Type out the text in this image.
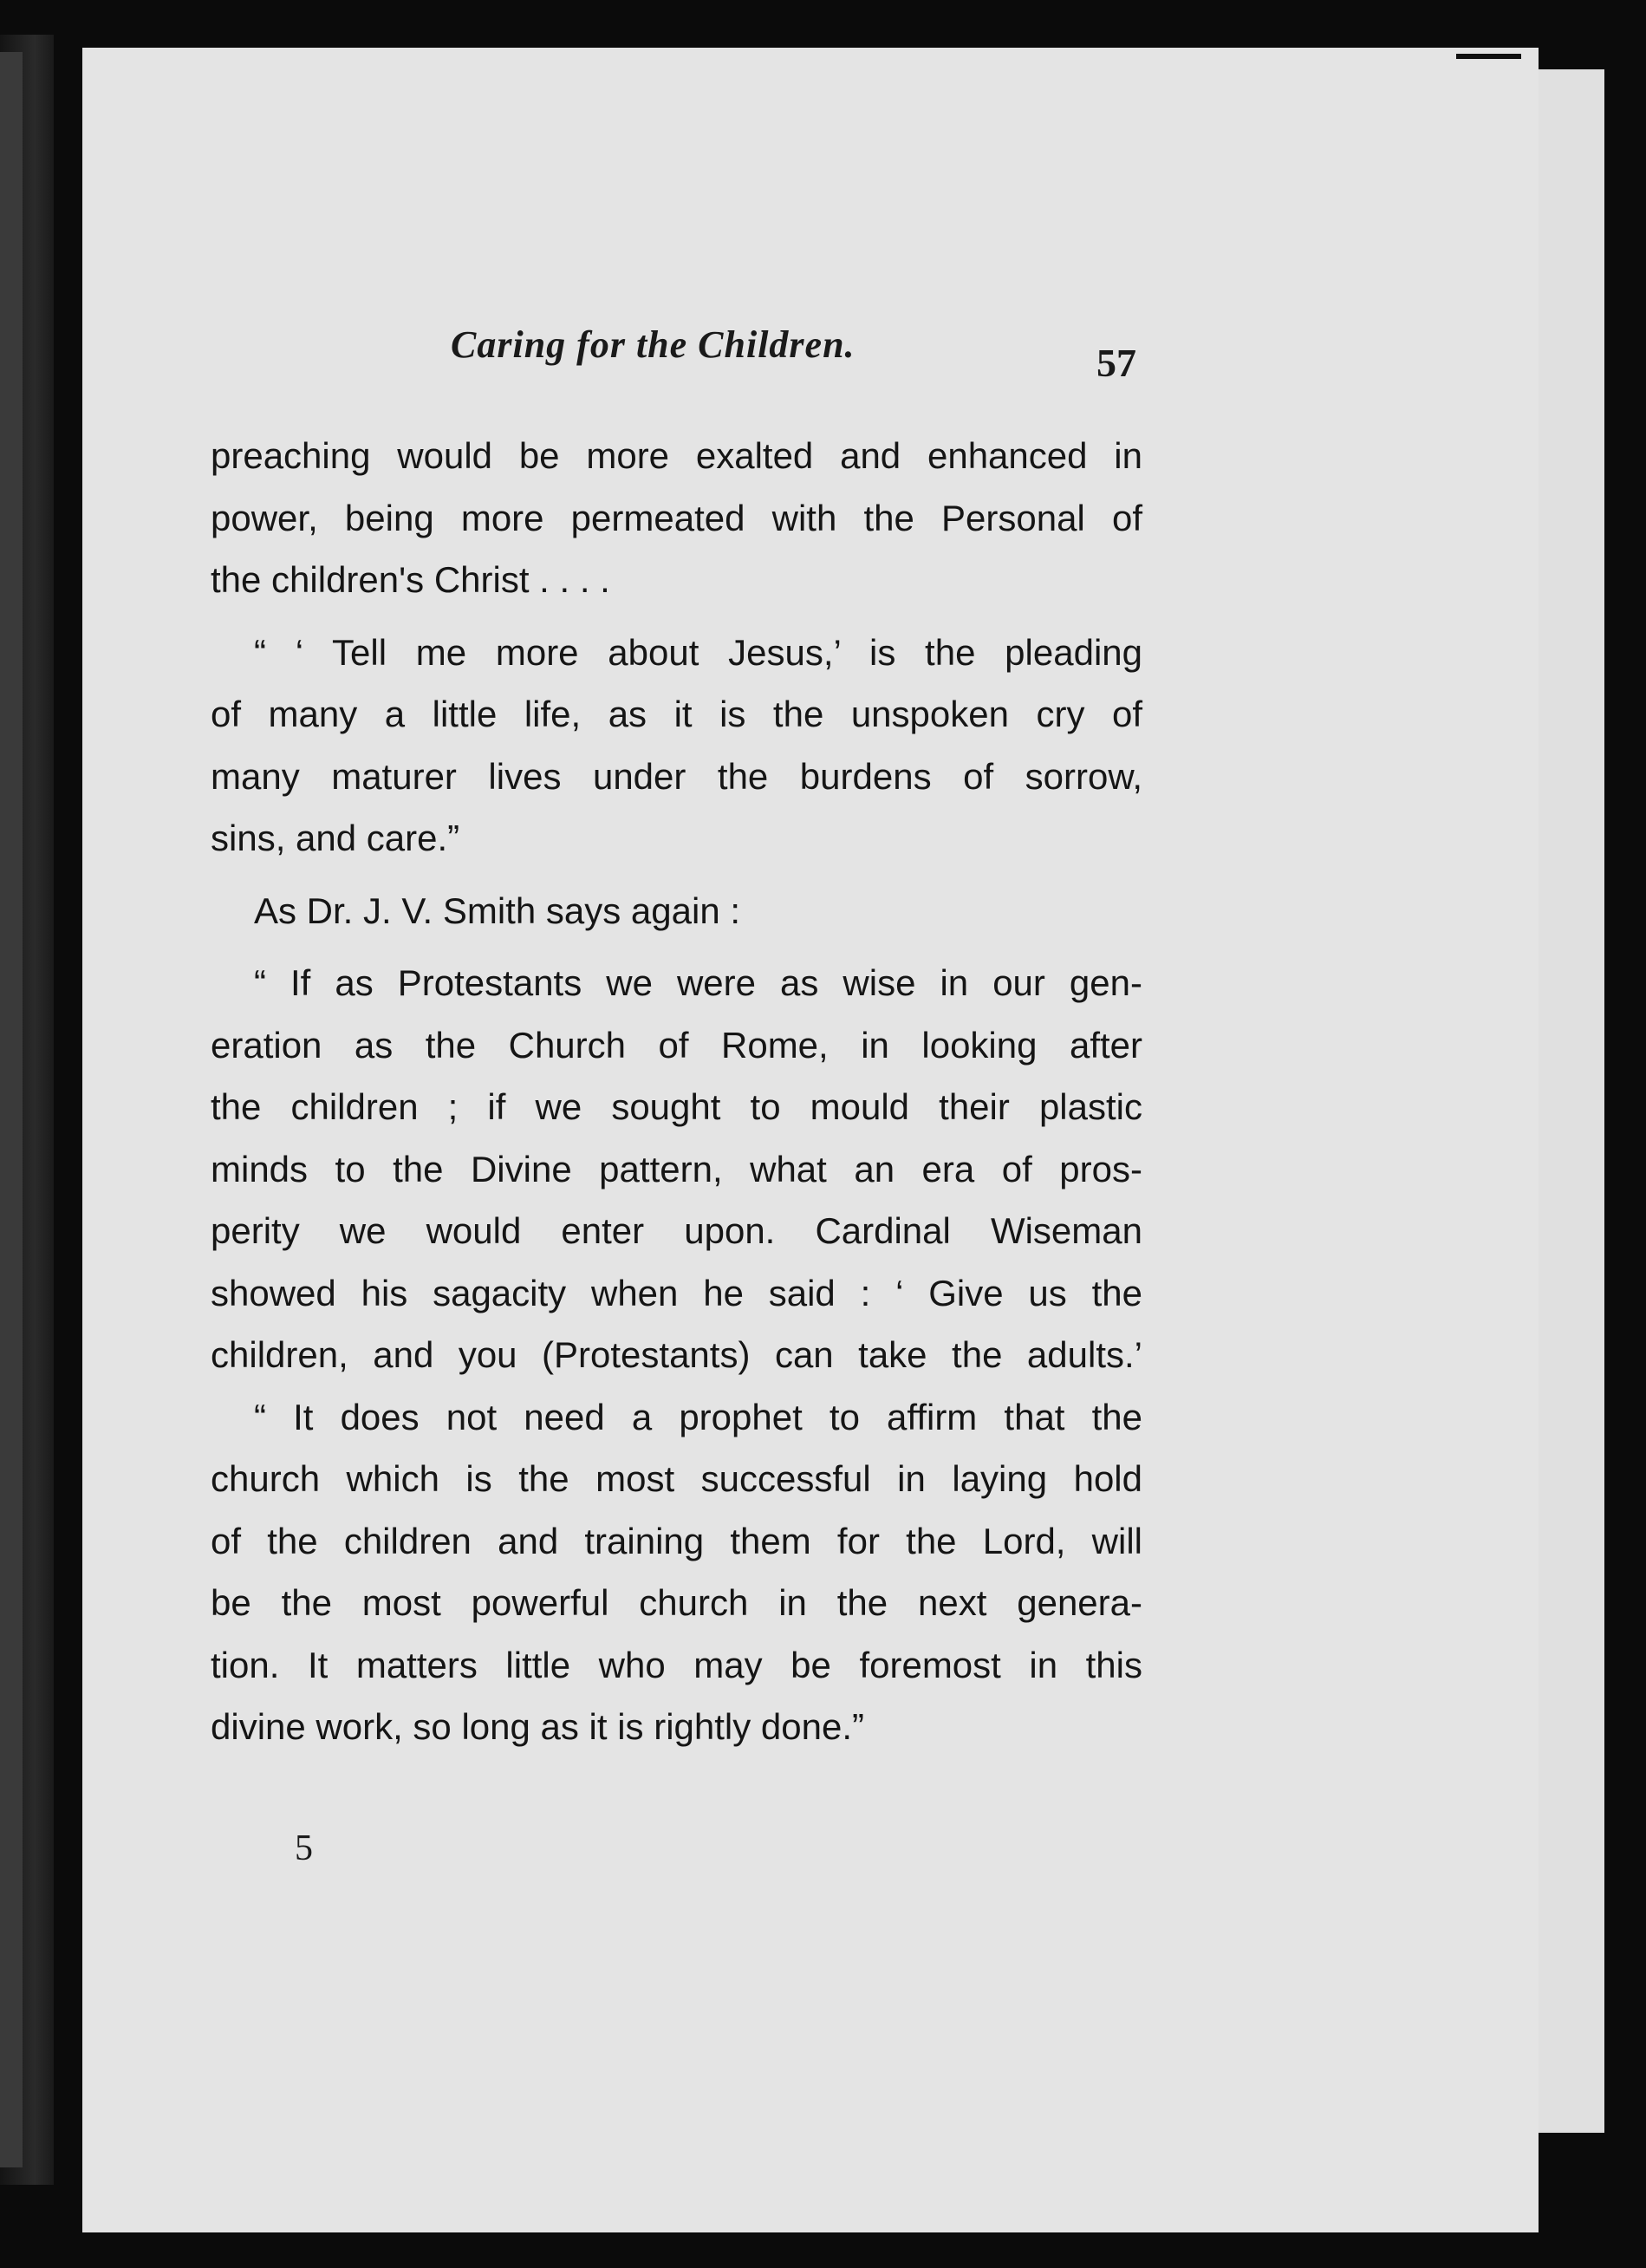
Caring for the Children.	57
preaching would be more exalted and enhanced in
power, being more permeated with the Personal of
the children's Christ . . . .
“ ‘ Tell me more about Jesus,’ is the pleading
of many a little life, as it is the unspoken cry of
many maturer lives under the burdens of sorrow,
sins, and care.”
As Dr. J. V. Smith says again :
“ If as Protestants we were as wise in our gen-
eration as the Church of Rome, in looking after
the children ; if we sought to mould their plastic
minds to the Divine pattern, what an era of pros-
perity we would enter upon. Cardinal Wiseman
showed his sagacity when he said : ‘ Give us the
children, and you (Protestants) can take the adults.’
“ It does not need a prophet to affirm that the
church which is the most successful in laying hold
of the children and training them for the Lord, will
be the most powerful church in the next genera-
tion. It matters little who may be foremost in this
divine work, so long as it is rightly done.”
5
